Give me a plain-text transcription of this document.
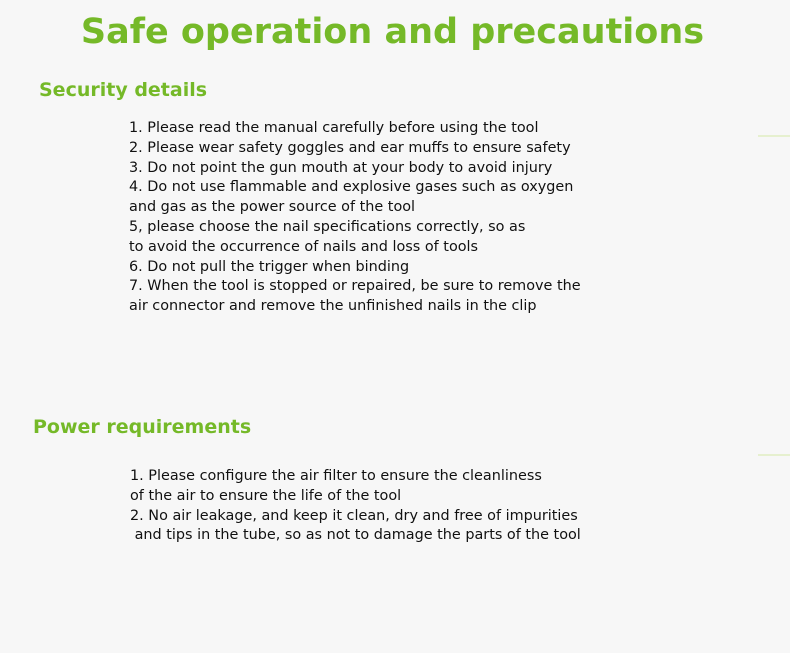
Safe operation and precautions
Security details
1. Please read the manual carefully before using the tool
2. Please wear safety goggles and ear muffs to ensure safety
3. Do not point the gun mouth at your body to avoid injury
4. Do not use flammable and explosive gases such as oxygen
and gas as the power source of the tool
5, please choose the nail specifications correctly, so as
to avoid the occurrence of nails and loss of tools
6. Do not pull the trigger when binding
7. When the tool is stopped or repaired, be sure to remove the
air connector and remove the unfinished nails in the clip
Power requirements
1. Please configure the air filter to ensure the cleanliness
of the air to ensure the life of the tool
2. No air leakage, and keep it clean, dry and free of impurities
and tips in the tube, so as not to damage the parts of the tool
